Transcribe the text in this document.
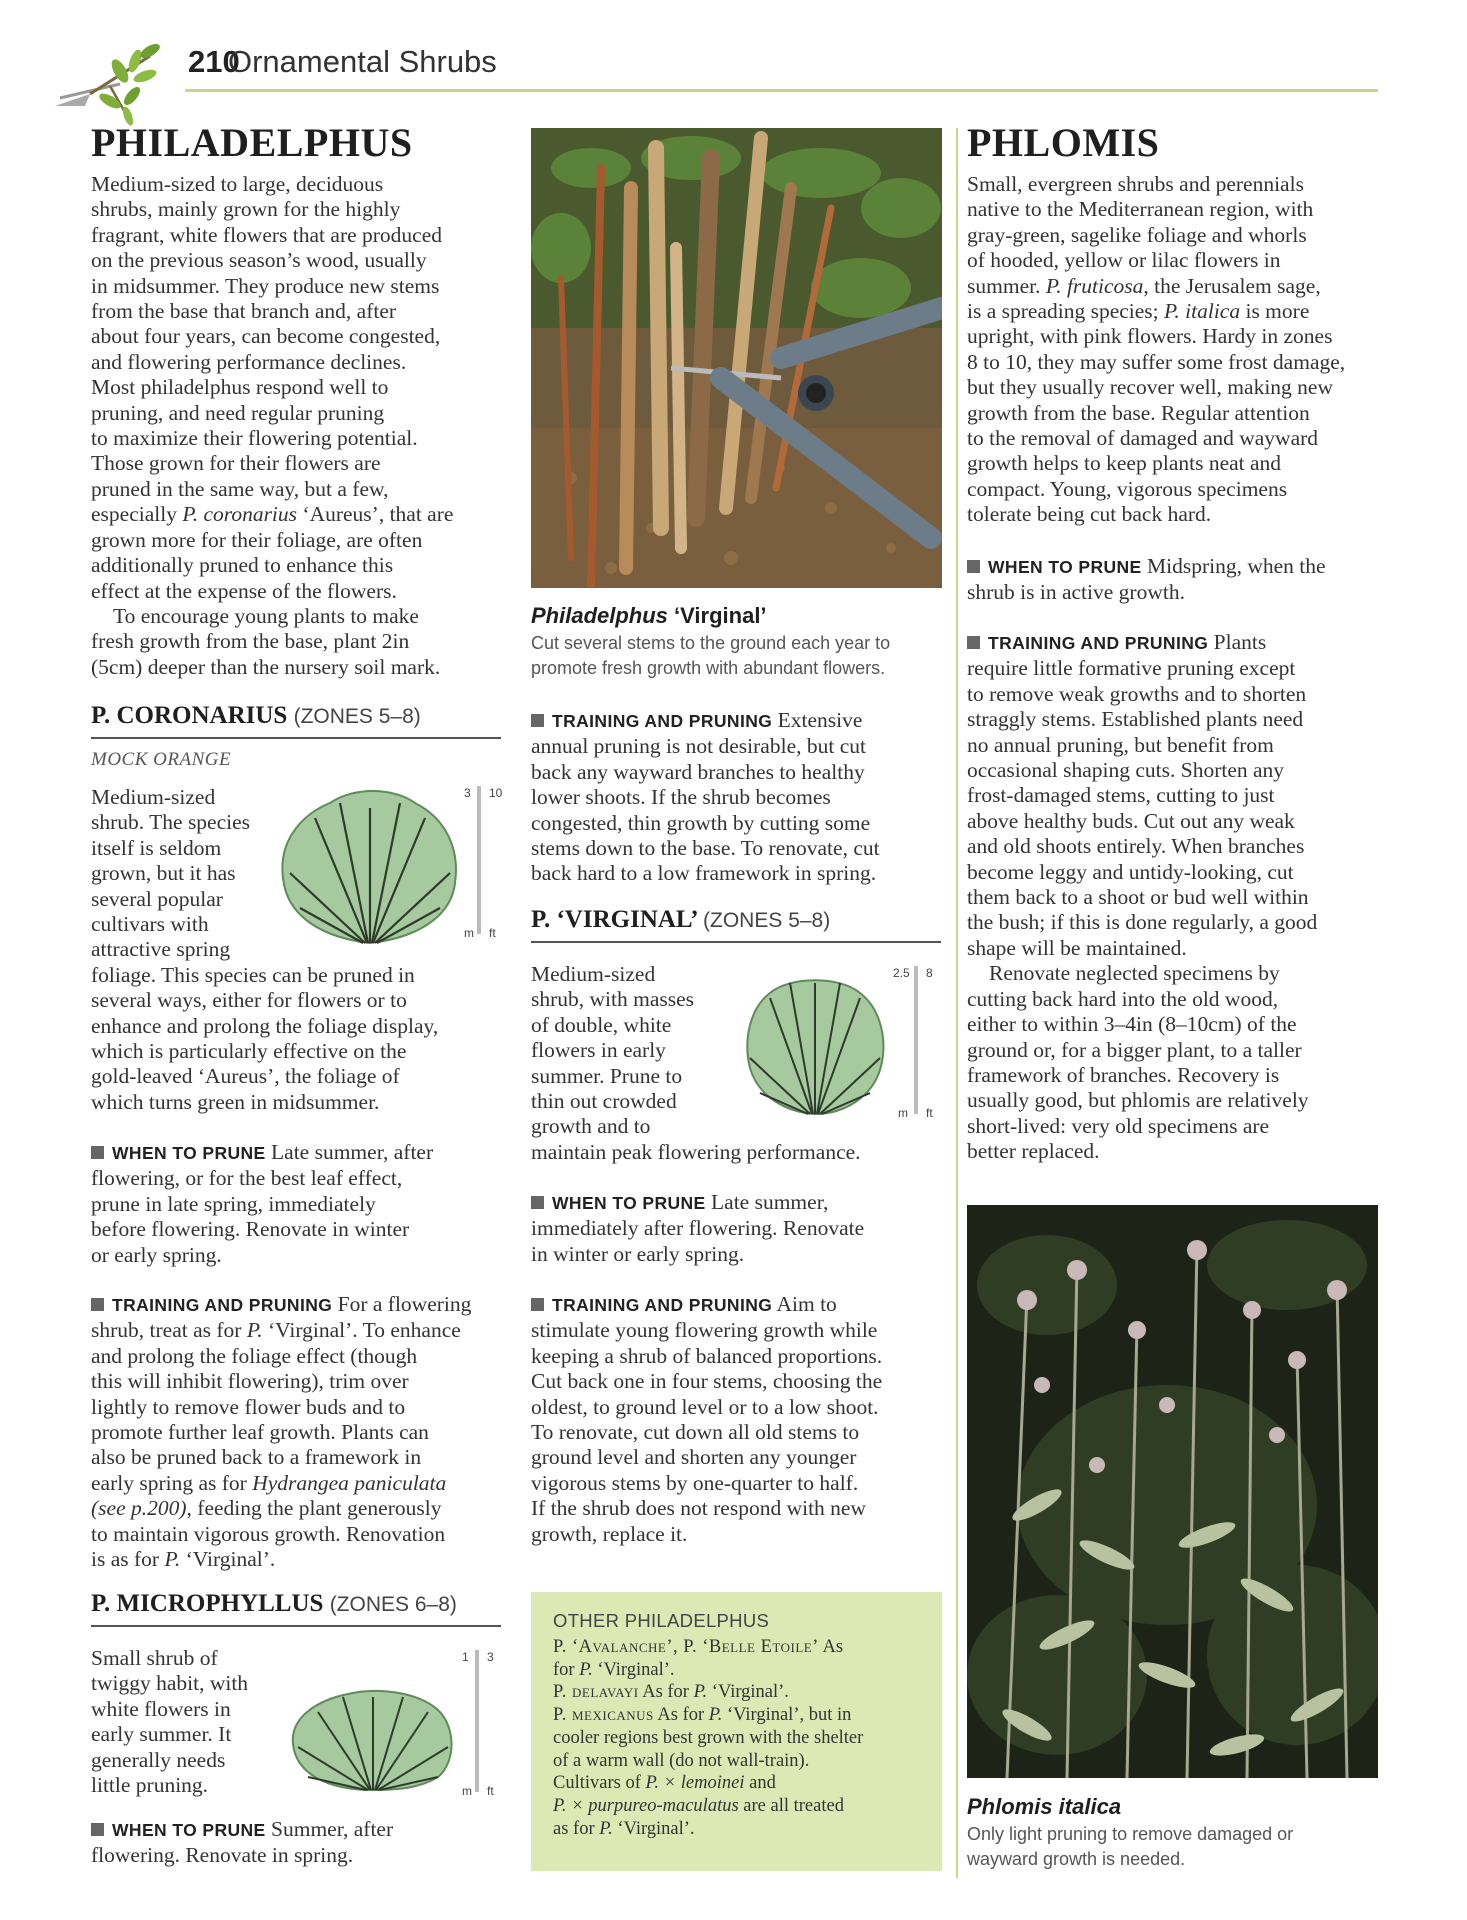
210
Ornamental Shrubs
PHILADELPHUS

Medium-sized to large, deciduous

shrubs, mainly grown for the highly

fragrant, white flowers that are produced

on the previous season’s wood, usually

in midsummer. They produce new stems

from the base that branch and, after

about four years, can become congested,

and flowering performance declines.

Most philadelphus respond well to

pruning, and need regular pruning

to maximize their flowering potential.

Those grown for their flowers are

pruned in the same way, but a few,

especially P. coronarius ‘Aureus’, that are

grown more for their foliage, are often

additionally pruned to enhance this

effect at the expense of the flowers.

To encourage young plants to make

fresh growth from the base, plant 2in

(5cm) deeper than the nursery soil mark.

P. CORONARIUS (ZONES 5–8)
MOCK ORANGE

Medium-sized

shrub. The species

itself is seldom

grown, but it has

several popular

cultivars with

attractive spring

foliage. This species can be pruned in

several ways, either for flowers or to

enhance and prolong the foliage display,

which is particularly effective on the

gold-leaved ‘Aureus’, the foliage of

which turns green in midsummer.

3 10
m ft

WHEN TO PRUNE Late summer, after

flowering, or for the best leaf effect,

prune in late spring, immediately

before flowering. Renovate in winter

or early spring.

TRAINING AND PRUNING For a flowering

shrub, treat as for P. ‘Virginal’. To enhance

and prolong the foliage effect (though

this will inhibit flowering), trim over

lightly to remove flower buds and to

promote further leaf growth. Plants can

also be pruned back to a framework in

early spring as for Hydrangea paniculata

(see p.200), feeding the plant generously

to maintain vigorous growth. Renovation

is as for P. ‘Virginal’.

P. MICROPHYLLUS (ZONES 6–8)

Small shrub of

twiggy habit, with

white flowers in

early summer. It

generally needs

little pruning.

1 3
m ft

WHEN TO PRUNE Summer, after

flowering. Renovate in spring.

Philadelphus ‘Virginal’
Cut several stems to the ground each year to
promote fresh growth with abundant flowers.

TRAINING AND PRUNING Extensive

annual pruning is not desirable, but cut

back any wayward branches to healthy

lower shoots. If the shrub becomes

congested, thin growth by cutting some

stems down to the base. To renovate, cut

back hard to a low framework in spring.

P. ‘VIRGINAL’ (ZONES 5–8)

Medium-sized

shrub, with masses

of double, white

flowers in early

summer. Prune to

thin out crowded

growth and to

maintain peak flowering performance.

2.5 8
m ft

WHEN TO PRUNE Late summer,

immediately after flowering. Renovate

in winter or early spring.

TRAINING AND PRUNING Aim to

stimulate young flowering growth while

keeping a shrub of balanced proportions.

Cut back one in four stems, choosing the

oldest, to ground level or to a low shoot.

To renovate, cut down all old stems to

ground level and shorten any younger

vigorous stems by one-quarter to half.

If the shrub does not respond with new

growth, replace it.

OTHER PHILADELPHUS
P. ‘Avalanche’, P. ‘Belle Etoile’ As
for P. ‘Virginal’.
P. delavayi As for P. ‘Virginal’.
P. mexicanus As for P. ‘Virginal’, but in
cooler regions best grown with the shelter
of a warm wall (do not wall-train).
Cultivars of P. × lemoinei and
P. × purpureo-maculatus are all treated
as for P. ‘Virginal’.
PHLOMIS

Small, evergreen shrubs and perennials

native to the Mediterranean region, with

gray-green, sagelike foliage and whorls

of hooded, yellow or lilac flowers in

summer. P. fruticosa, the Jerusalem sage,

is a spreading species; P. italica is more

upright, with pink flowers. Hardy in zones

8 to 10, they may suffer some frost damage,

but they usually recover well, making new

growth from the base. Regular attention

to the removal of damaged and wayward

growth helps to keep plants neat and

compact. Young, vigorous specimens

tolerate being cut back hard.

WHEN TO PRUNE Midspring, when the

shrub is in active growth.

TRAINING AND PRUNING Plants

require little formative pruning except

to remove weak growths and to shorten

straggly stems. Established plants need

no annual pruning, but benefit from

occasional shaping cuts. Shorten any

frost-damaged stems, cutting to just

above healthy buds. Cut out any weak

and old shoots entirely. When branches

become leggy and untidy-looking, cut

them back to a shoot or bud well within

the bush; if this is done regularly, a good

shape will be maintained.

Renovate neglected specimens by

cutting back hard into the old wood,

either to within 3–4in (8–10cm) of the

ground or, for a bigger plant, to a taller

framework of branches. Recovery is

usually good, but phlomis are relatively

short-lived: very old specimens are

better replaced.

Phlomis italica
Only light pruning to remove damaged or
wayward growth is needed.
